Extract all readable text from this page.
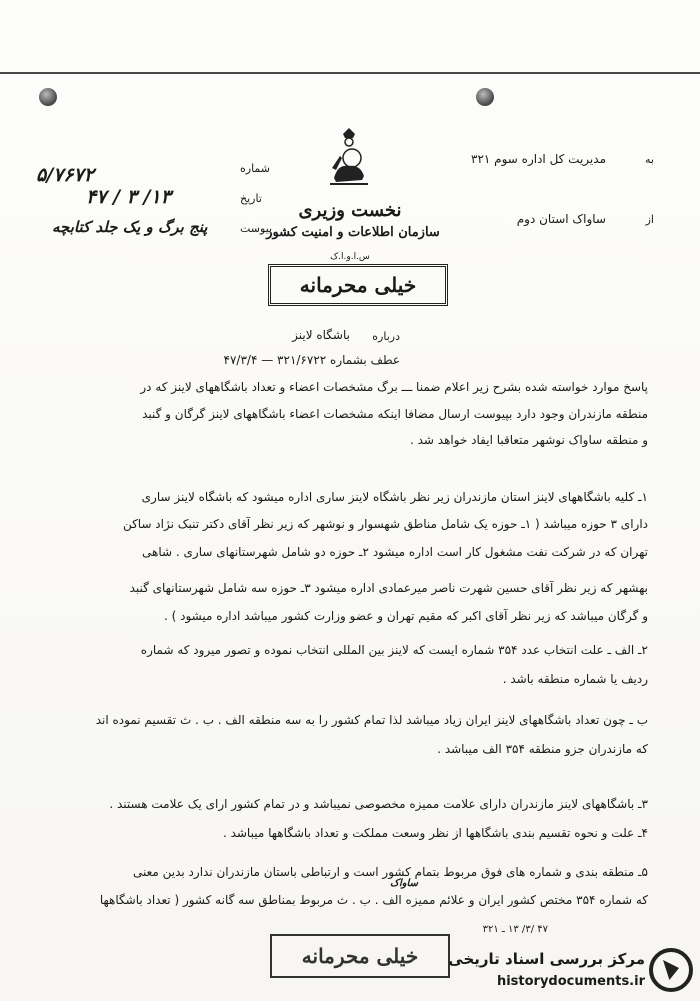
به
مدیریت کل اداره سوم ۳۲۱
از
ساواک استان دوم
شماره
۵/۷۶۷۲
تاریخ
۱۳/ ۳ / ۴۷
پیوست
پنج برگ و یک جلد کتابچه
نخست وزیری
سازمان اطلاعات و امنیت کشور
س.ا.و.ا.ک
خیلی محرمانه
درباره
باشگاه لاینز
عطف بشماره ۳۲۱/۶۷۲۲ — ۴۷/۳/۴
پاسخ موارد خواسته شده بشرح زیر اعلام ضمنا ـــ برگ مشخصات اعضاء و تعداد باشگاههای لاینز که در
منطقه مازندران وجود دارد بپیوست ارسال مضافا اینکه مشخصات اعضاء باشگاههای لاینز گرگان و گنبد
و منطقه ساواک نوشهر متعاقبا ایفاد خواهد شد .
۱ـ کلیه باشگاههای لاینز استان مازندران زیر نظر باشگاه لاینز ساری اداره میشود که باشگاه لاینز ساری
دارای ۳ حوزه میباشد ( ۱ـ حوزه یک شامل مناطق شهسوار و نوشهر که زیر نظر آقای دکتر تنبک نژاد ساکن
تهران که در شرکت نفت مشغول کار است اداره میشود ۲ـ حوزه دو شامل شهرستانهای ساری . شاهی
بهشهر که زیر نظر آقای حسین شهرت ناصر میرعمادی اداره میشود ۳ـ حوزه سه شامل شهرستانهای گنبد
و گرگان میباشد که زیر نظر آقای اکبر که مقیم تهران و عضو وزارت کشور میباشد اداره میشود ) .
۲ـ الف ـ علت انتخاب عدد ۳۵۴ شماره ایست که لاینز بین المللی انتخاب نموده و تصور میرود که شماره
ردیف یا شماره منطقه باشد .
ب ـ چون تعداد باشگاههای لاینز ایران زیاد میباشد لذا تمام کشور را به سه منطقه الف . ب . ث تقسیم نموده اند
که مازندران جزو منطقه ۳۵۴ الف میباشد .
۳ـ باشگاههای لاینز مازندران دارای علامت ممیزه مخصوصی نمیباشد و در تمام کشور ارای یک علامت هستند .
۴ـ علت و نحوه تقسیم بندی باشگاهها از نظر وسعت مملکت و تعداد باشگاهها میباشد .
۵ـ منطقه بندی و شماره های فوق مربوط بتمام کشور است و ارتباطی باستان مازندران ندارد بدین معنی
که شماره ۳۵۴ مختص کشور ایران و علائم ممیزه الف . ب . ث مربوط بمناطق سه گانه کشور ( تعداد باشگاهها
ساواک
۴۷ /۳/ ۱۳ ـ ۳۲۱
خیلی محرمانه	مرکز بررسی اسناد تاریخی
historydocuments.ir
